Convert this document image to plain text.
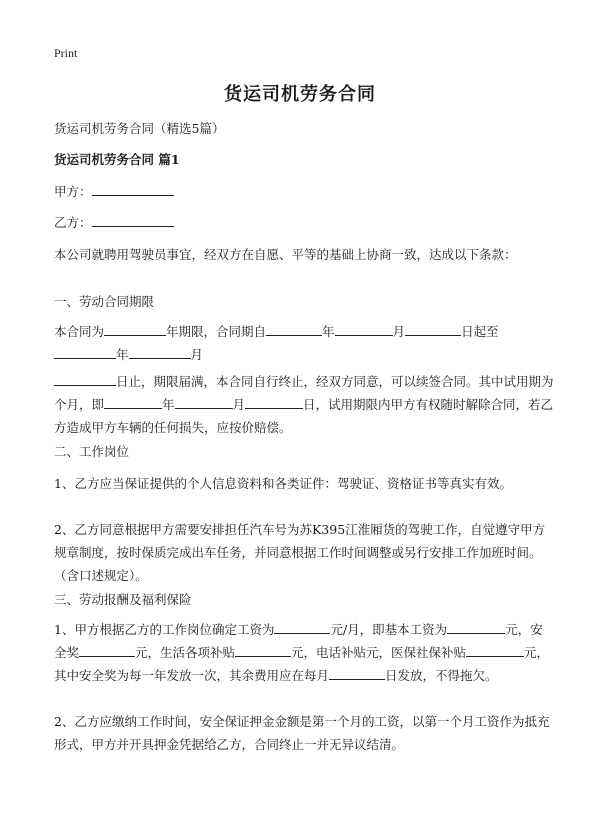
Print
货运司机劳务合同

货运司机劳务合同（精选5篇）

货运司机劳务合同 篇1

甲方：

乙方：

本公司就聘用驾驶员事宜，经双方在自愿、平等的基础上协商一致，达成以下条款：

一、劳动合同期限

本合同为	年期限，合同期自	年	月	日起至
年	月

日止，期限届满，本合同自行终止，经双方同意，可以续签合同。其中试用期为个月，即	年	月	日，试用期限内甲方有权随时解除合同，若乙方造成甲方车辆的任何损失，应按价赔偿。

二、工作岗位

1、乙方应当保证提供的个人信息资料和各类证件：驾驶证、资格证书等真实有效。

2、乙方同意根据甲方需要安排担任汽车号为苏K395江淮厢货的驾驶工作，自觉遵守甲方规章制度，按时保质完成出车任务，并同意根据工作时间调整或另行安排工作加班时间。（含口述规定）。

三、劳动报酬及福利保险

1、甲方根据乙方的工作岗位确定工资为	元/月，即基本工资为	元，安全奖	元，生活各项补贴	元，电话补贴元，医保社保补贴	元，其中安全奖为每一年发放一次，其余费用应在每月	日发放，不得拖欠。

2、乙方应缴纳工作时间，安全保证押金金额是第一个月的工资，以第一个月工资作为抵充形式，甲方并开具押金凭据给乙方，合同终止一并无异议结清。
